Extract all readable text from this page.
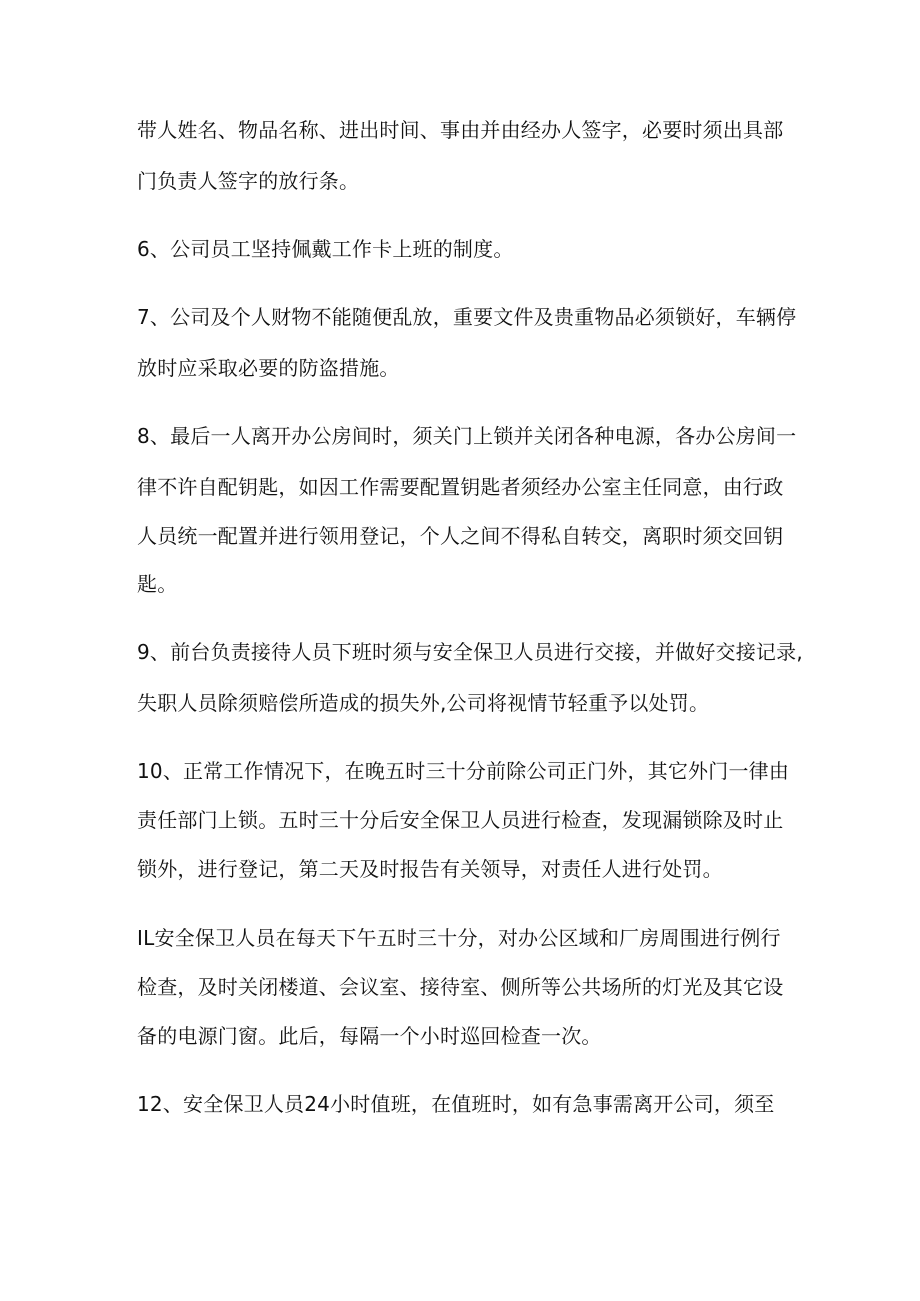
带人姓名、物品名称、进出时间、事由并由经办人签字，必要时须出具部

门负责人签字的放行条。

6、公司员工坚持佩戴工作卡上班的制度。

7、公司及个人财物不能随便乱放，重要文件及贵重物品必须锁好，车辆停

放时应采取必要的防盗措施。

8、最后一人离开办公房间时，须关门上锁并关闭各种电源，各办公房间一

律不许自配钥匙，如因工作需要配置钥匙者须经办公室主任同意，由行政

人员统一配置并进行领用登记，个人之间不得私自转交，离职时须交回钥

匙。

9、前台负责接待人员下班时须与安全保卫人员进行交接，并做好交接记录,

失职人员除须赔偿所造成的损失外,公司将视情节轻重予以处罚。

10、正常工作情况下，在晚五时三十分前除公司正门外，其它外门一律由

责任部门上锁。五时三十分后安全保卫人员进行检查，发现漏锁除及时止

锁外，进行登记，第二天及时报告有关领导，对责任人进行处罚。

IL安全保卫人员在每天下午五时三十分，对办公区域和厂房周围进行例行

检查，及时关闭楼道、会议室、接待室、侧所等公共场所的灯光及其它设

备的电源门窗。此后，每隔一个小时巡回检查一次。

12、安全保卫人员24小时值班，在值班时，如有急事需离开公司，须至
